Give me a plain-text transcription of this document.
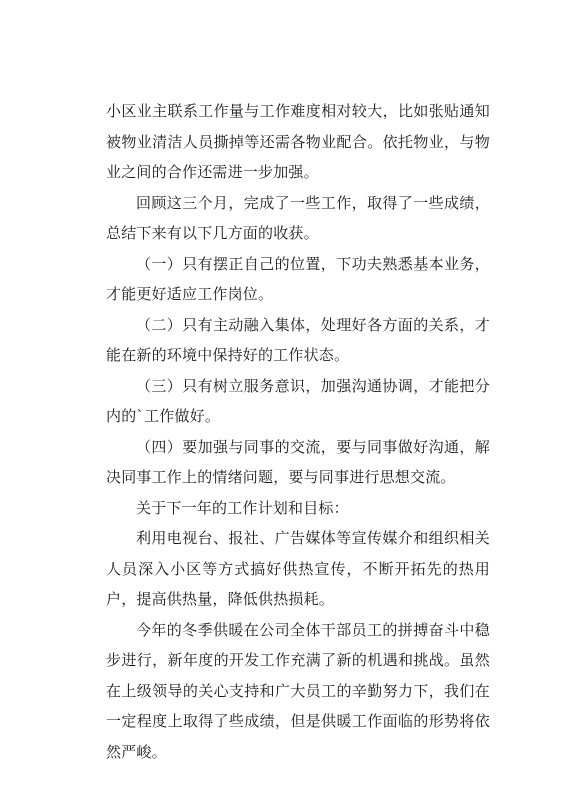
小区业主联系工作量与工作难度相对较大，比如张贴通知被物业清洁人员撕掉等还需各物业配合。依托物业，与物业之间的合作还需进一步加强。

回顾这三个月，完成了一些工作，取得了一些成绩，总结下来有以下几方面的收获。

（一）只有摆正自己的位置，下功夫熟悉基本业务，才能更好适应工作岗位。

（二）只有主动融入集体，处理好各方面的关系，才能在新的环境中保持好的工作状态。

（三）只有树立服务意识，加强沟通协调，才能把分内的`工作做好。

（四）要加强与同事的交流，要与同事做好沟通，解决同事工作上的情绪问题，要与同事进行思想交流。

关于下一年的工作计划和目标：

利用电视台、报社、广告媒体等宣传媒介和组织相关人员深入小区等方式搞好供热宣传，不断开拓先的热用户，提高供热量，降低供热损耗。

今年的冬季供暖在公司全体干部员工的拼搏奋斗中稳步进行，新年度的开发工作充满了新的机遇和挑战。虽然在上级领导的关心支持和广大员工的辛勤努力下，我们在一定程度上取得了些成绩，但是供暖工作面临的形势将依然严峻。
